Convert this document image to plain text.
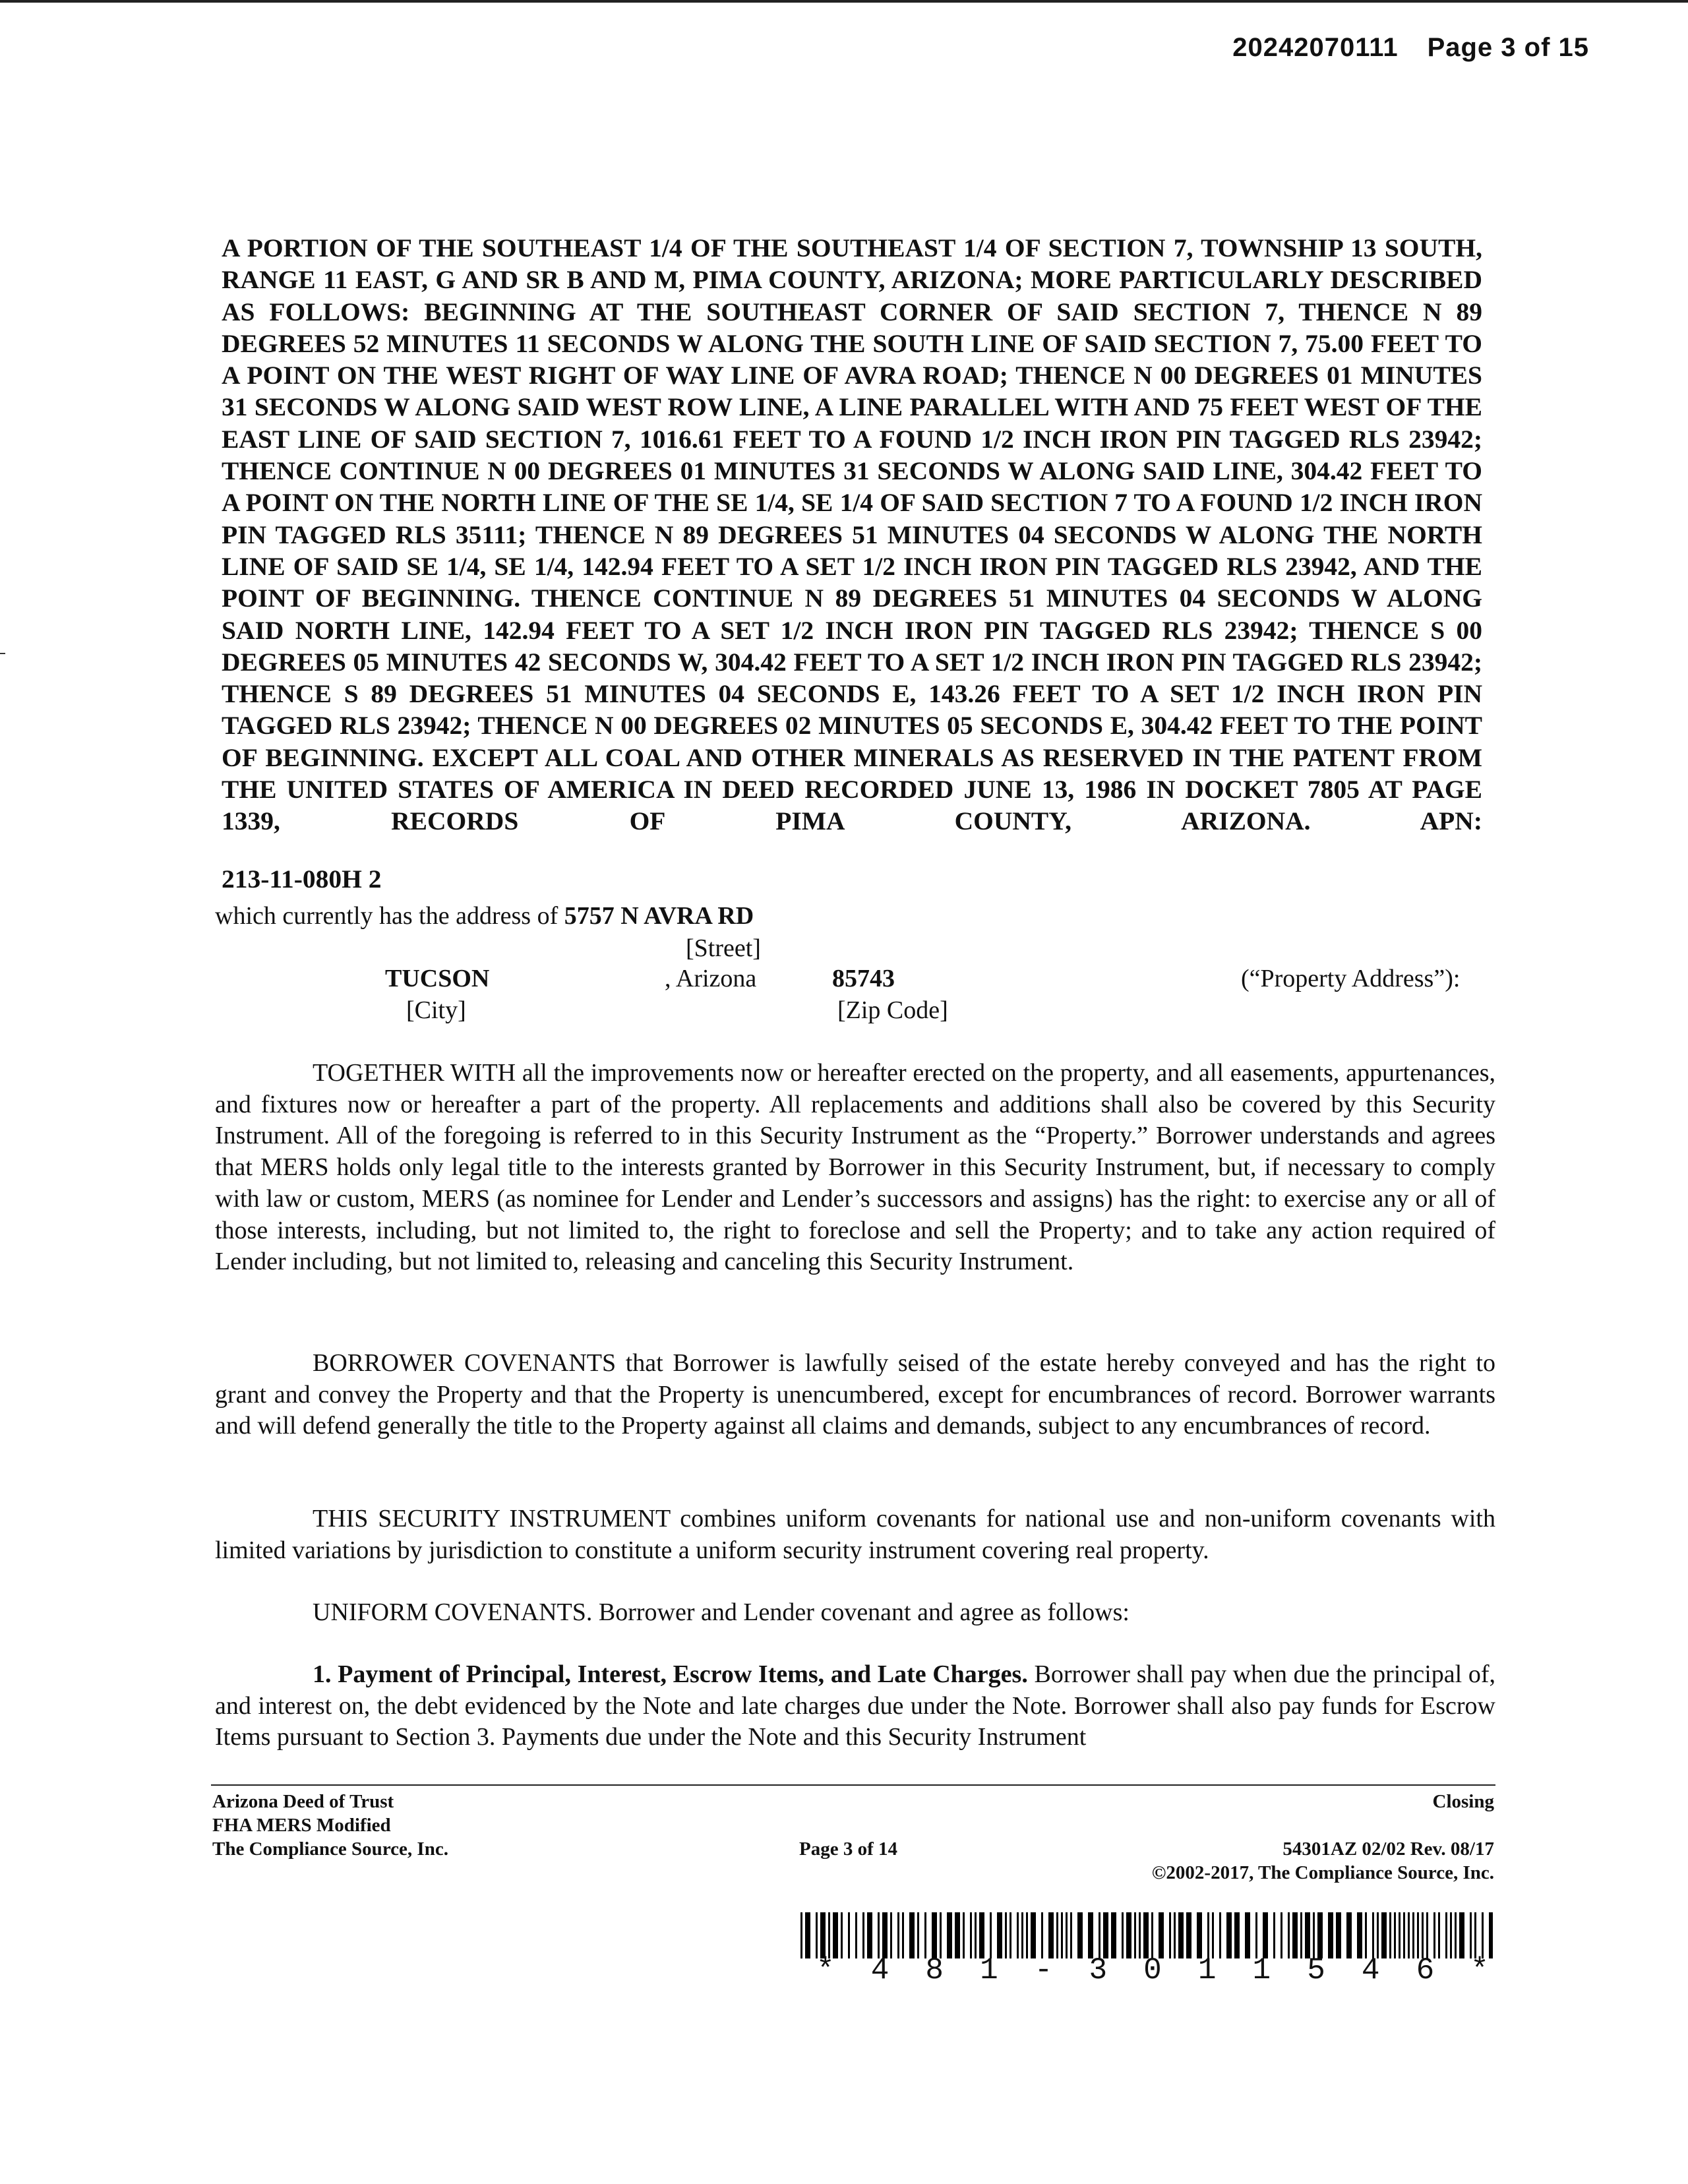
20242070111 Page 3 of 15

A PORTION OF THE SOUTHEAST 1/4 OF THE SOUTHEAST 1/4 OF SECTION 7, TOWNSHIP 13 SOUTH, RANGE 11 EAST, G AND SR B AND M, PIMA COUNTY, ARIZONA; MORE PARTICULARLY DESCRIBED AS FOLLOWS: BEGINNING AT THE SOUTHEAST CORNER OF SAID SECTION 7, THENCE N 89 DEGREES 52 MINUTES 11 SECONDS W ALONG THE SOUTH LINE OF SAID SECTION 7, 75.00 FEET TO A POINT ON THE WEST RIGHT OF WAY LINE OF AVRA ROAD; THENCE N 00 DEGREES 01 MINUTES 31 SECONDS W ALONG SAID WEST ROW LINE, A LINE PARALLEL WITH AND 75 FEET WEST OF THE EAST LINE OF SAID SECTION 7, 1016.61 FEET TO A FOUND 1/2 INCH IRON PIN TAGGED RLS 23942; THENCE CONTINUE N 00 DEGREES 01 MINUTES 31 SECONDS W ALONG SAID LINE, 304.42 FEET TO A POINT ON THE NORTH LINE OF THE SE 1/4, SE 1/4 OF SAID SECTION 7 TO A FOUND 1/2 INCH IRON PIN TAGGED RLS 35111; THENCE N 89 DEGREES 51 MINUTES 04 SECONDS W ALONG THE NORTH LINE OF SAID SE 1/4, SE 1/4, 142.94 FEET TO A SET 1/2 INCH IRON PIN TAGGED RLS 23942, AND THE POINT OF BEGINNING. THENCE CONTINUE N 89 DEGREES 51 MINUTES 04 SECONDS W ALONG SAID NORTH LINE, 142.94 FEET TO A SET 1/2 INCH IRON PIN TAGGED RLS 23942; THENCE S 00 DEGREES 05 MINUTES 42 SECONDS W, 304.42 FEET TO A SET 1/2 INCH IRON PIN TAGGED RLS 23942; THENCE S 89 DEGREES 51 MINUTES 04 SECONDS E, 143.26 FEET TO A SET 1/2 INCH IRON PIN TAGGED RLS 23942; THENCE N 00 DEGREES 02 MINUTES 05 SECONDS E, 304.42 FEET TO THE POINT OF BEGINNING. EXCEPT ALL COAL AND OTHER MINERALS AS RESERVED IN THE PATENT FROM THE UNITED STATES OF AMERICA IN DEED RECORDED JUNE 13, 1986 IN DOCKET 7805 AT PAGE 1339, RECORDS OF PIMA COUNTY, ARIZONA. APN:

213-11-080H 2

which currently has the address of 5757 N AVRA RD
[Street]
TUCSON	, Arizona	85743	(“Property Address”):
[City]	[Zip Code]

TOGETHER WITH all the improvements now or hereafter erected on the property, and all easements, appurtenances, and fixtures now or hereafter a part of the property. All replacements and additions shall also be covered by this Security Instrument. All of the foregoing is referred to in this Security Instrument as the “Property.” Borrower understands and agrees that MERS holds only legal title to the interests granted by Borrower in this Security Instrument, but, if necessary to comply with law or custom, MERS (as nominee for Lender and Lender’s successors and assigns) has the right: to exercise any or all of those interests, including, but not limited to, the right to foreclose and sell the Property; and to take any action required of Lender including, but not limited to, releasing and canceling this Security Instrument.

BORROWER COVENANTS that Borrower is lawfully seised of the estate hereby conveyed and has the right to grant and convey the Property and that the Property is unencumbered, except for encumbrances of record. Borrower warrants and will defend generally the title to the Property against all claims and demands, subject to any encumbrances of record.

THIS SECURITY INSTRUMENT combines uniform covenants for national use and non-uniform covenants with limited variations by jurisdiction to constitute a uniform security instrument covering real property.

UNIFORM COVENANTS. Borrower and Lender covenant and agree as follows:

1. Payment of Principal, Interest, Escrow Items, and Late Charges. Borrower shall pay when due the principal of, and interest on, the debt evidenced by the Note and late charges due under the Note. Borrower shall also pay funds for Escrow Items pursuant to Section 3. Payments due under the Note and this Security Instrument

Arizona Deed of Trust
FHA MERS Modified
The Compliance Source, Inc.	Page 3 of 14
Closing
54301AZ 02/02 Rev. 08/17
©2002-2017, The Compliance Source, Inc.
* 4 8 1 - 3 0 1 1 5 4 6 *
